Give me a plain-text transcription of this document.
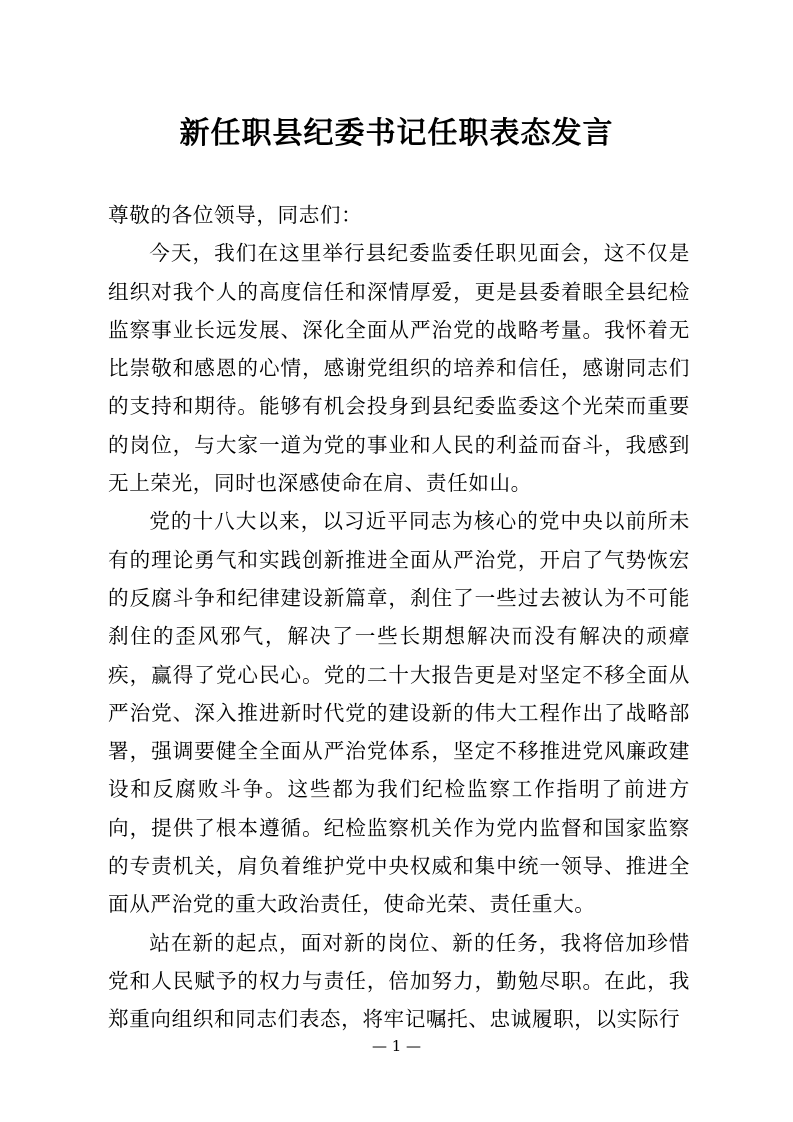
新任职县纪委书记任职表态发言

尊敬的各位领导，同志们：

今天，我们在这里举行县纪委监委任职见面会，这不仅是组织对我个人的高度信任和深情厚爱，更是县委着眼全县纪检监察事业长远发展、深化全面从严治党的战略考量。我怀着无比崇敬和感恩的心情，感谢党组织的培养和信任，感谢同志们的支持和期待。能够有机会投身到县纪委监委这个光荣而重要的岗位，与大家一道为党的事业和人民的利益而奋斗，我感到无上荣光，同时也深感使命在肩、责任如山。

党的十八大以来，以习近平同志为核心的党中央以前所未有的理论勇气和实践创新推进全面从严治党，开启了气势恢宏的反腐斗争和纪律建设新篇章，刹住了一些过去被认为不可能刹住的歪风邪气，解决了一些长期想解决而没有解决的顽瘴疾，赢得了党心民心。党的二十大报告更是对坚定不移全面从严治党、深入推进新时代党的建设新的伟大工程作出了战略部署，强调要健全全面从严治党体系，坚定不移推进党风廉政建设和反腐败斗争。这些都为我们纪检监察工作指明了前进方向，提供了根本遵循。纪检监察机关作为党内监督和国家监察的专责机关，肩负着维护党中央权威和集中统一领导、推进全面从严治党的重大政治责任，使命光荣、责任重大。

站在新的起点，面对新的岗位、新的任务，我将倍加珍惜党和人民赋予的权力与责任，倍加努力，勤勉尽职。在此，我郑重向组织和同志们表态，将牢记嘱托、忠诚履职，以实际行

— 1 —
